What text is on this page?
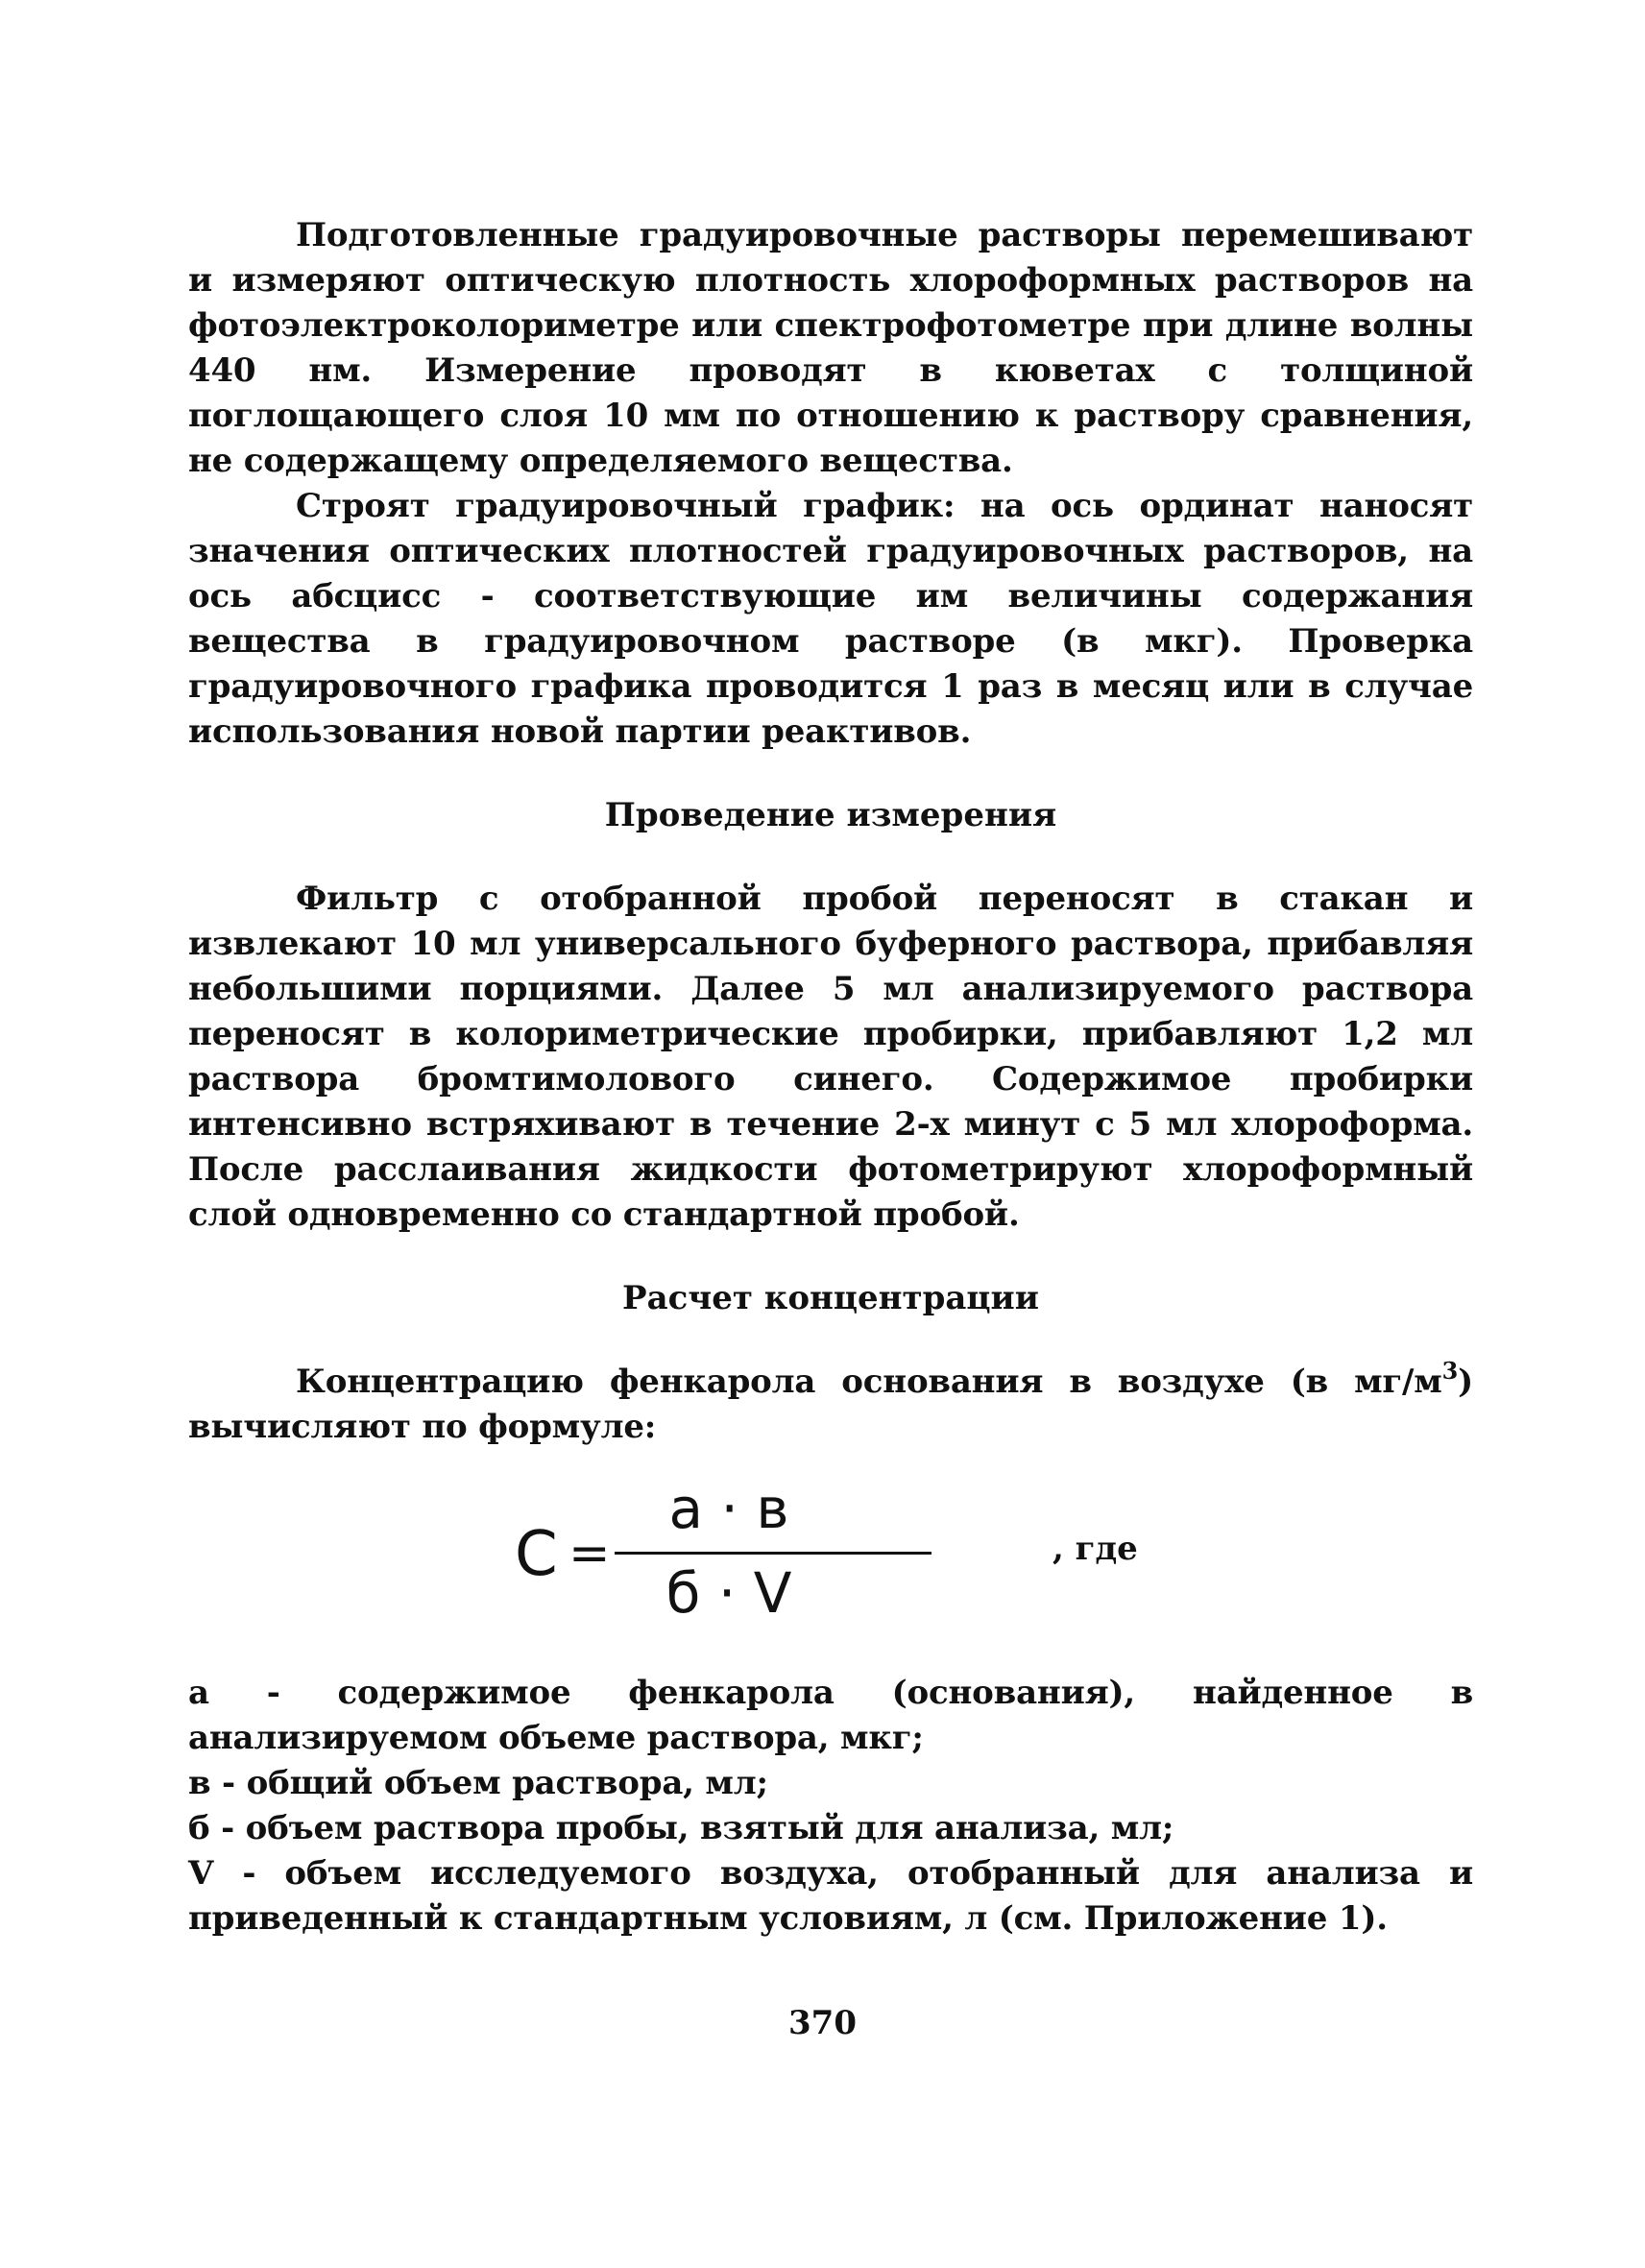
Подготовленные градуировочные растворы перемешивают и измеряют оптическую плотность хлороформных растворов на фотоэлектроколориметре или спектрофотометре при длине волны 440 нм. Измерение проводят в кюветах с толщиной поглощающего слоя 10 мм по отношению к раствору сравнения, не содержащему определяемого вещества.

Строят градуировочный график: на ось ординат наносят значения оптических плотностей градуировочных растворов, на ось абсцисс - соответствующие им величины содержания вещества в градуировочном растворе (в мкг). Проверка градуировочного графика проводится 1 раз в месяц или в случае использования новой партии реактивов.

Проведение измерения

Фильтр с отобранной пробой переносят в стакан и извлекают 10 мл универсального буферного раствора, прибавляя небольшими порциями. Далее 5 мл анализируемого раствора переносят в колориметрические пробирки, прибавляют 1,2 мл раствора бромтимолового синего. Содержимое пробирки интенсивно встряхивают в течение 2-х минут с 5 мл хлороформа. После расслаивания жидкости фотометрируют хлороформный слой одновременно со стандартной пробой.

Расчет концентрации

Концентрацию фенкарола основания в воздухе (в $мг/м^3$) вычисляют по формуле:

С =
а · в
б · V
, где
а - содержимое фенкарола (основания), найденное в анализируемом объеме раствора, мкг;
в - общий объем раствора, мл;
б - объем раствора пробы, взятый для анализа, мл;
V - объем исследуемого воздуха, отобранный для анализа и приведенный к стандартным условиям, л (см. Приложение 1).
370
